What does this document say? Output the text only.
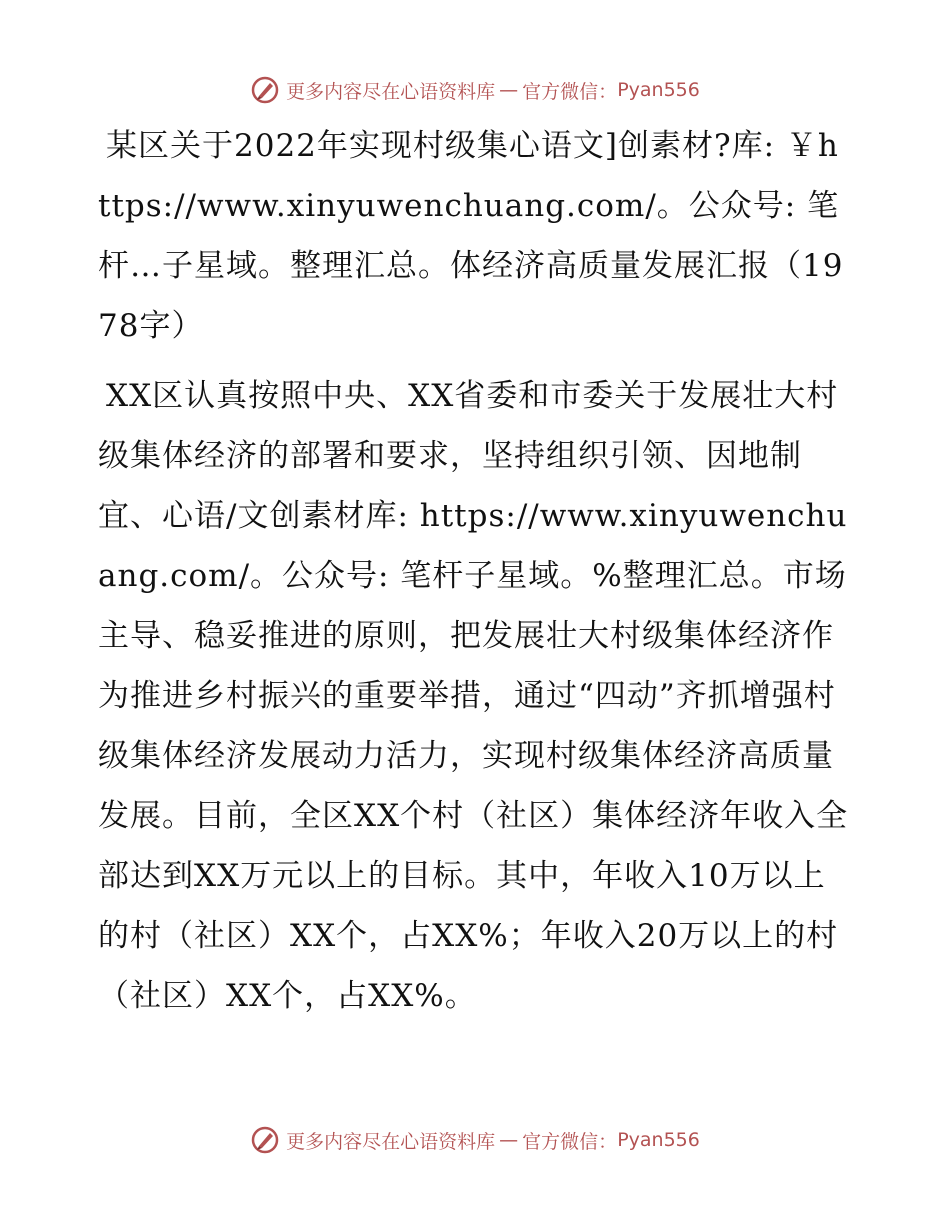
更多内容尽在心语资料库 — 官方微信： Pyan556

某区关于2022年实现村级集心语文]创素材?库: ￥https://www.xinyuwenchuang.com/。公众号: 笔杆…子星域。整理汇总。体经济高质量发展汇报（1978字）

XX区认真按照中央、XX省委和市委关于发展壮大村级集体经济的部署和要求，坚持组织引领、因地制宜、心语/文创素材库: https://www.xinyuwenchuang.com/。公众号: 笔杆子星域。%整理汇总。市场主导、稳妥推进的原则，把发展壮大村级集体经济作为推进乡村振兴的重要举措，通过“四动”齐抓增强村级集体经济发展动力活力，实现村级集体经济高质量发展。目前，全区XX个村（社区）集体经济年收入全部达到XX万元以上的目标。其中，年收入10万以上的村（社区）XX个，占XX%；年收入20万以上的村（社区）XX个，占XX%。

更多内容尽在心语资料库 — 官方微信： Pyan556
